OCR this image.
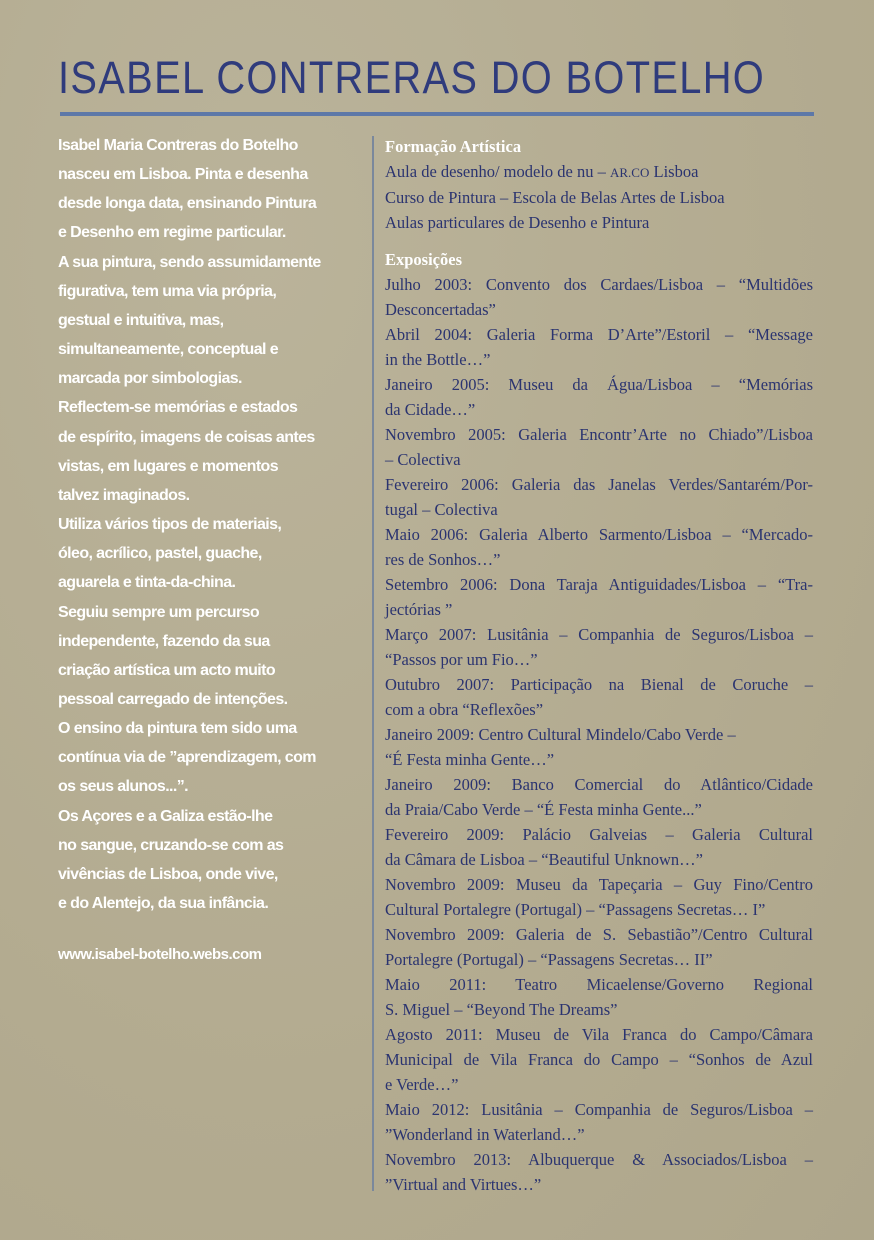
ISABEL CONTRERAS DO BOTELHO
Isabel Maria Contreras do Botelho
nasceu em Lisboa. Pinta e desenha
desde longa data, ensinando Pintura
e Desenho em regime particular.
A sua pintura, sendo assumidamente
figurativa, tem uma via própria,
gestual e intuitiva, mas,
simultaneamente, conceptual e
marcada por simbologias.
Reflectem-se memórias e estados
de espírito, imagens de coisas antes
vistas, em lugares e momentos
talvez imaginados.
Utiliza vários tipos de materiais,
óleo, acrílico, pastel, guache,
aguarela e tinta-da-china.
Seguiu sempre um percurso
independente, fazendo da sua
criação artística um acto muito
pessoal carregado de intenções.
O ensino da pintura tem sido uma
contínua via de ”aprendizagem, com
os seus alunos...”.
Os Açores e a Galiza estão-lhe
no sangue, cruzando-se com as
vivências de Lisboa, onde vive,
e do Alentejo, da sua infância.
www.isabel-botelho.webs.com
Formação Artística
Aula de desenho/ modelo de nu – AR.CO Lisboa
Curso de Pintura – Escola de Belas Artes de Lisboa
Aulas particulares de Desenho e Pintura
Exposições
Julho 2003: Convento dos Cardaes/Lisboa – “Multidões
Desconcertadas”
Abril 2004: Galeria Forma D’Arte”/Estoril – “Message
in the Bottle…”
Janeiro 2005: Museu da Água/Lisboa – “Memórias
da Cidade…”
Novembro 2005: Galeria Encontr’Arte no Chiado”/Lisboa
– Colectiva
Fevereiro 2006: Galeria das Janelas Verdes/Santarém/Por-
tugal – Colectiva
Maio 2006: Galeria Alberto Sarmento/Lisboa – “Mercado-
res de Sonhos…”
Setembro 2006: Dona Taraja Antiguidades/Lisboa – “Tra-
jectórias ”
Março 2007: Lusitânia – Companhia de Seguros/Lisboa –
“Passos por um Fio…”
Outubro 2007: Participação na Bienal de Coruche –
com a obra “Reflexões”
Janeiro 2009: Centro Cultural Mindelo/Cabo Verde –
“É Festa minha Gente…”
Janeiro 2009: Banco Comercial do Atlântico/Cidade
da Praia/Cabo Verde – “É Festa minha Gente...”
Fevereiro 2009: Palácio Galveias – Galeria Cultural
da Câmara de Lisboa – “Beautiful Unknown…”
Novembro 2009: Museu da Tapeçaria – Guy Fino/Centro
Cultural Portalegre (Portugal) – “Passagens Secretas… I”
Novembro 2009: Galeria de S. Sebastião”/Centro Cultural
Portalegre (Portugal) – “Passagens Secretas… II”
Maio 2011: Teatro Micaelense/Governo Regional
S. Miguel – “Beyond The Dreams”
Agosto 2011: Museu de Vila Franca do Campo/Câmara
Municipal de Vila Franca do Campo – “Sonhos de Azul
e Verde…”
Maio 2012: Lusitânia – Companhia de Seguros/Lisboa –
”Wonderland in Waterland…”
Novembro 2013: Albuquerque & Associados/Lisboa –
”Virtual and Virtues…”
